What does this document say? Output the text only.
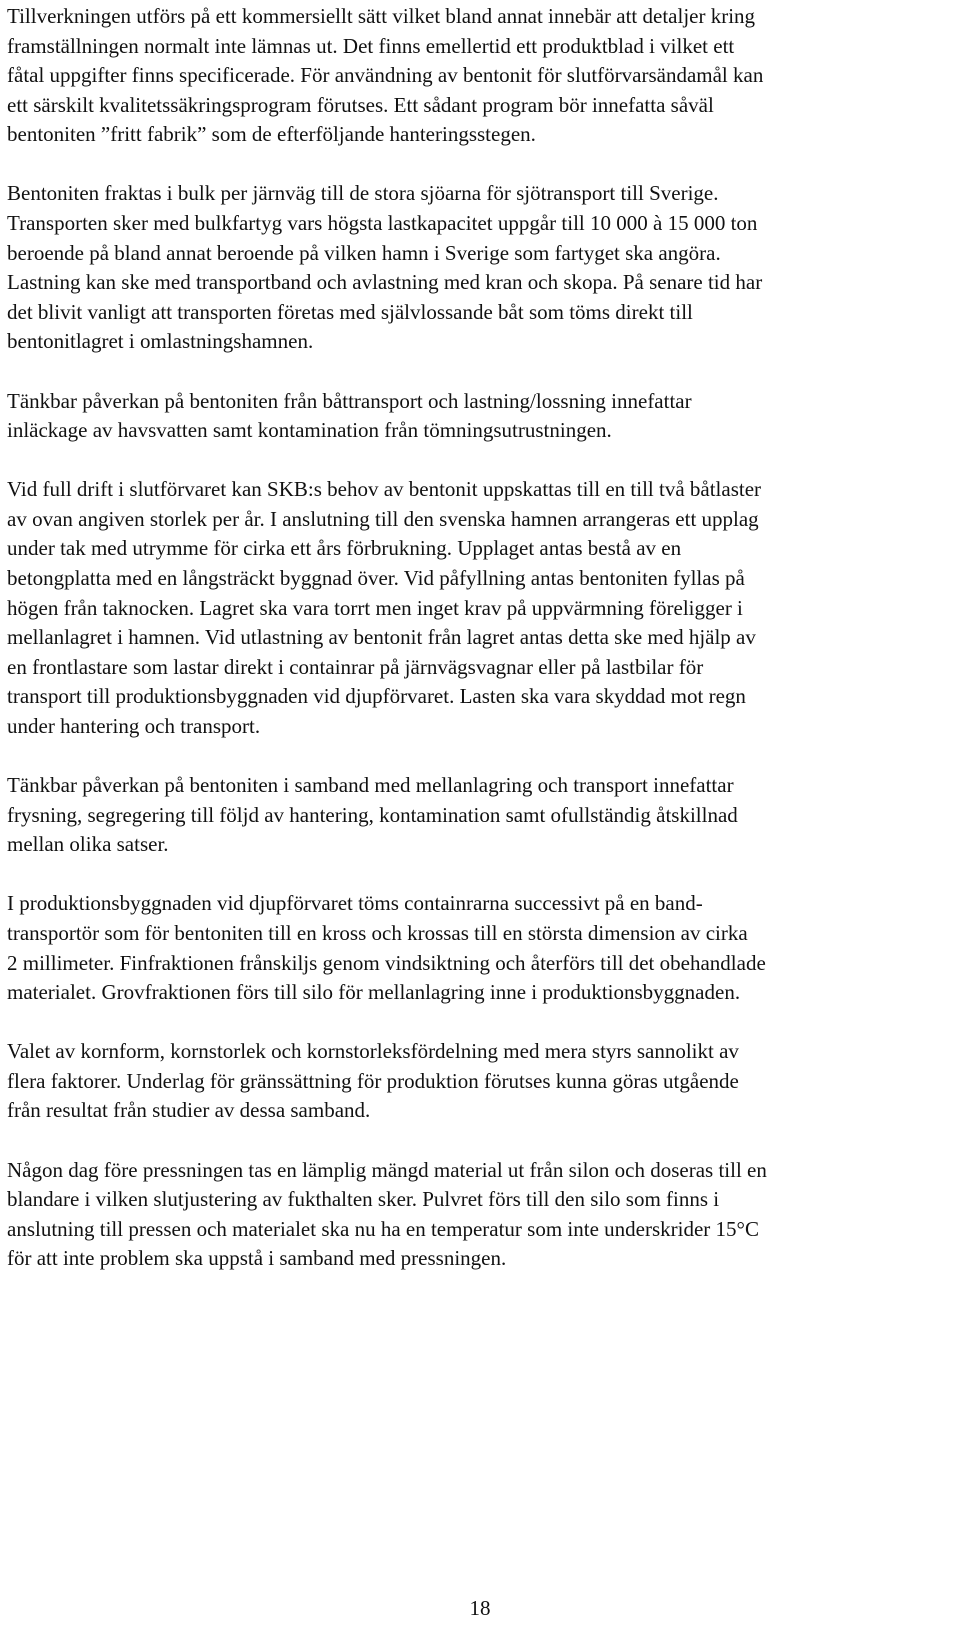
Tillverkningen utförs på ett kommersiellt sätt vilket bland annat innebär att detaljer kring
framställningen normalt inte lämnas ut. Det finns emellertid ett produktblad i vilket ett
fåtal uppgifter finns specificerade. För användning av bentonit för slutförvarsändamål kan
ett särskilt kvalitetssäkringsprogram förutses. Ett sådant program bör innefatta såväl
bentoniten ”fritt fabrik” som de efterföljande hanteringsstegen.

Bentoniten fraktas i bulk per järnväg till de stora sjöarna för sjötransport till Sverige.
Transporten sker med bulkfartyg vars högsta lastkapacitet uppgår till 10 000 à 15 000 ton
beroende på bland annat beroende på vilken hamn i Sverige som fartyget ska angöra.
Lastning kan ske med transportband och avlastning med kran och skopa. På senare tid har
det blivit vanligt att transporten företas med självlossande båt som töms direkt till
bentonitlagret i omlastningshamnen.

Tänkbar påverkan på bentoniten från båttransport och lastning/lossning innefattar
inläckage av havsvatten samt kontamination från tömningsutrustningen.

Vid full drift i slutförvaret kan SKB:s behov av bentonit uppskattas till en till två båtlaster
av ovan angiven storlek per år. I anslutning till den svenska hamnen arrangeras ett upplag
under tak med utrymme för cirka ett års förbrukning. Upplaget antas bestå av en
betongplatta med en långsträckt byggnad över. Vid påfyllning antas bentoniten fyllas på
högen från taknocken. Lagret ska vara torrt men inget krav på uppvärmning föreligger i
mellanlagret i hamnen. Vid utlastning av bentonit från lagret antas detta ske med hjälp av
en frontlastare som lastar direkt i containrar på järnvägsvagnar eller på lastbilar för
transport till produktionsbyggnaden vid djupförvaret. Lasten ska vara skyddad mot regn
under hantering och transport.

Tänkbar påverkan på bentoniten i samband med mellanlagring och transport innefattar
frysning, segregering till följd av hantering, kontamination samt ofullständig åtskillnad
mellan olika satser.

I produktionsbyggnaden vid djupförvaret töms containrarna successivt på en band-
transportör som för bentoniten till en kross och krossas till en största dimension av cirka
2 millimeter. Finfraktionen frånskiljs genom vindsiktning och återförs till det obehandlade
materialet. Grovfraktionen förs till silo för mellanlagring inne i produktionsbyggnaden.

Valet av kornform, kornstorlek och kornstorleksfördelning med mera styrs sannolikt av
flera faktorer. Underlag för gränssättning för produktion förutses kunna göras utgående
från resultat från studier av dessa samband.

Någon dag före pressningen tas en lämplig mängd material ut från silon och doseras till en
blandare i vilken slutjustering av fukthalten sker. Pulvret förs till den silo som finns i
anslutning till pressen och materialet ska nu ha en temperatur som inte underskrider 15°C
för att inte problem ska uppstå i samband med pressningen.

18
